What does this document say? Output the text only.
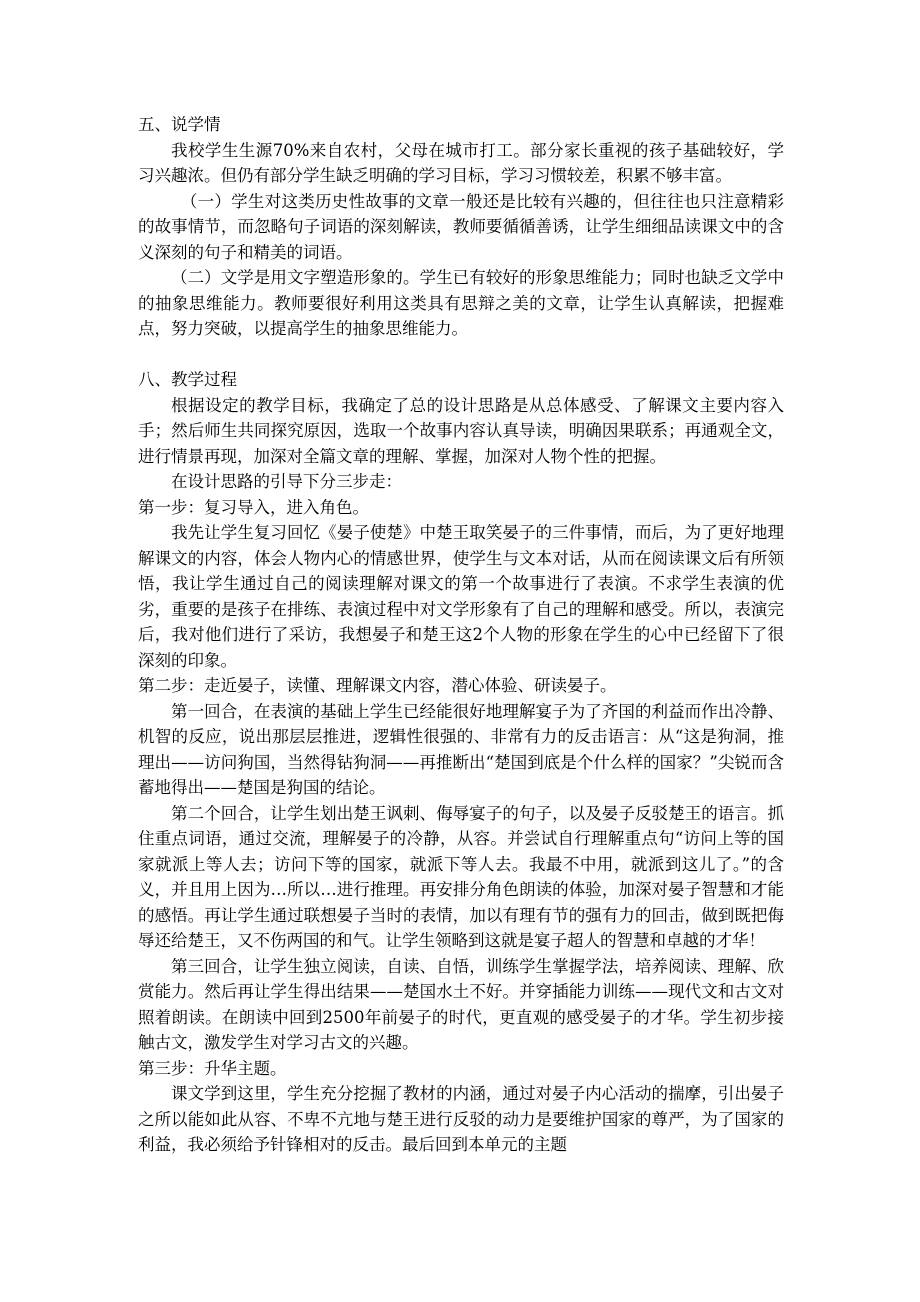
五、说学情

我校学生生源70%来自农村，父母在城市打工。部分家长重视的孩子基础较好，学习兴趣浓。但仍有部分学生缺乏明确的学习目标，学习习惯较差，积累不够丰富。

（一）学生对这类历史性故事的文章一般还是比较有兴趣的，但往往也只注意精彩的故事情节，而忽略句子词语的深刻解读，教师要循循善诱，让学生细细品读课文中的含义深刻的句子和精美的词语。

（二）文学是用文字塑造形象的。学生已有较好的形象思维能力；同时也缺乏文学中的抽象思维能力。教师要很好利用这类具有思辩之美的文章，让学生认真解读，把握难点，努力突破，以提高学生的抽象思维能力。

八、教学过程

根据设定的教学目标，我确定了总的设计思路是从总体感受、了解课文主要内容入手；然后师生共同探究原因，选取一个故事内容认真导读，明确因果联系；再通观全文，进行情景再现，加深对全篇文章的理解、掌握，加深对人物个性的把握。

在设计思路的引导下分三步走：

第一步：复习导入，进入角色。

我先让学生复习回忆《晏子使楚》中楚王取笑晏子的三件事情，而后，为了更好地理解课文的内容，体会人物内心的情感世界，使学生与文本对话，从而在阅读课文后有所领悟，我让学生通过自己的阅读理解对课文的第一个故事进行了表演。不求学生表演的优劣，重要的是孩子在排练、表演过程中对文学形象有了自己的理解和感受。所以，表演完后，我对他们进行了采访，我想晏子和楚王这2个人物的形象在学生的心中已经留下了很深刻的印象。

第二步：走近晏子，读懂、理解课文内容，潜心体验、研读晏子。

第一回合，在表演的基础上学生已经能很好地理解宴子为了齐国的利益而作出冷静、机智的反应，说出那层层推进，逻辑性很强的、非常有力的反击语言：从“这是狗洞，推理出——访问狗国，当然得钻狗洞——再推断出“楚国到底是个什么样的国家？”尖锐而含蓄地得出——楚国是狗国的结论。

第二个回合，让学生划出楚王讽刺、侮辱宴子的句子，以及晏子反驳楚王的语言。抓住重点词语，通过交流，理解晏子的冷静，从容。并尝试自行理解重点句“访问上等的国家就派上等人去；访问下等的国家，就派下等人去。我最不中用，就派到这儿了。”的含义，并且用上因为…所以…进行推理。再安排分角色朗读的体验，加深对晏子智慧和才能的感悟。再让学生通过联想晏子当时的表情，加以有理有节的强有力的回击，做到既把侮辱还给楚王，又不伤两国的和气。让学生领略到这就是宴子超人的智慧和卓越的才华！

第三回合，让学生独立阅读，自读、自悟，训练学生掌握学法，培养阅读、理解、欣赏能力。然后再让学生得出结果——楚国水土不好。并穿插能力训练——现代文和古文对照着朗读。在朗读中回到2500年前晏子的时代，更直观的感受晏子的才华。学生初步接触古文，激发学生对学习古文的兴趣。

第三步：升华主题。

课文学到这里，学生充分挖掘了教材的内涵，通过对晏子内心活动的揣摩，引出晏子之所以能如此从容、不卑不亢地与楚王进行反驳的动力是要维护国家的尊严，为了国家的利益，我必须给予针锋相对的反击。最后回到本单元的主题
